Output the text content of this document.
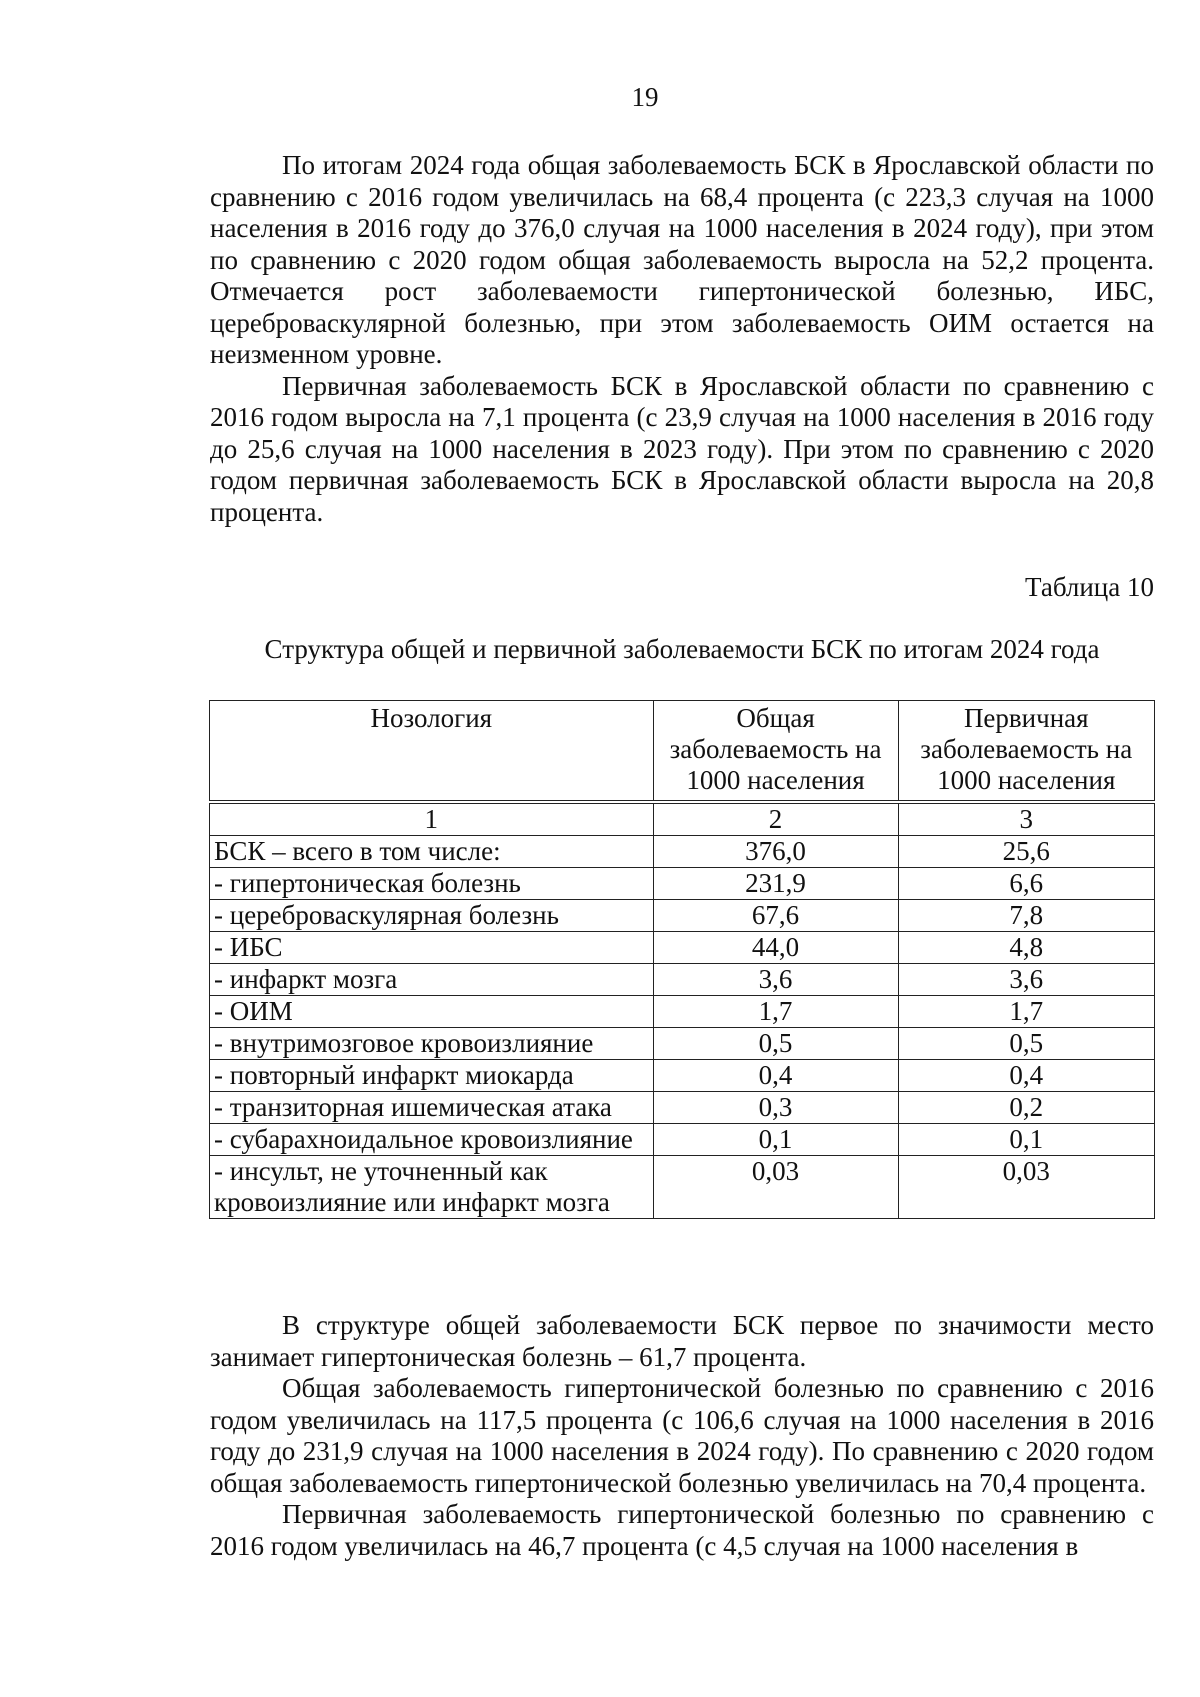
19

По итогам 2024 года общая заболеваемость БСК в Ярославской области по сравнению с 2016 годом увеличилась на 68,4 процента (с 223,3 случая на 1000 населения в 2016 году до 376,0 случая на 1000 населения в 2024 году), при этом по сравнению с 2020 годом общая заболеваемость выросла на 52,2 процента. Отмечается рост заболеваемости гипертонической болезнью, ИБС, цереброваскулярной болезнью, при этом заболеваемость ОИМ остается на неизменном уровне.

Первичная заболеваемость БСК в Ярославской области по сравнению с 2016 годом выросла на 7,1 процента (с 23,9 случая на 1000 населения в 2016 году до 25,6 случая на 1000 населения в 2023 году). При этом по сравнению с 2020 годом первичная заболеваемость БСК в Ярославской области выросла на 20,8 процента.

Таблица 10
Структура общей и первичной заболеваемости БСК по итогам 2024 года
Нозология	Общая заболеваемость на 1000 населения	Первичная заболеваемость на 1000 населения
1	2	3
БСК – всего в том числе:	376,0	25,6
- гипертоническая болезнь	231,9	6,6
- цереброваскулярная болезнь	67,6	7,8
- ИБС	44,0	4,8
- инфаркт мозга	3,6	3,6
- ОИМ	1,7	1,7
- внутримозговое кровоизлияние	0,5	0,5
- повторный инфаркт миокарда	0,4	0,4
- транзиторная ишемическая атака	0,3	0,2
- субарахноидальное кровоизлияние	0,1	0,1
- инсульт, не уточненный как кровоизлияние или инфаркт мозга	0,03	0,03

В структуре общей заболеваемости БСК первое по значимости место занимает гипертоническая болезнь – 61,7 процента.

Общая заболеваемость гипертонической болезнью по сравнению с 2016 годом увеличилась на 117,5 процента (с 106,6 случая на 1000 населения в 2016 году до 231,9 случая на 1000 населения в 2024 году). По сравнению с 2020 годом общая заболеваемость гипертонической болезнью увеличилась на 70,4 процента.

Первичная заболеваемость гипертонической болезнью по сравнению с 2016 годом увеличилась на 46,7 процента (с 4,5 случая на 1000 населения в
